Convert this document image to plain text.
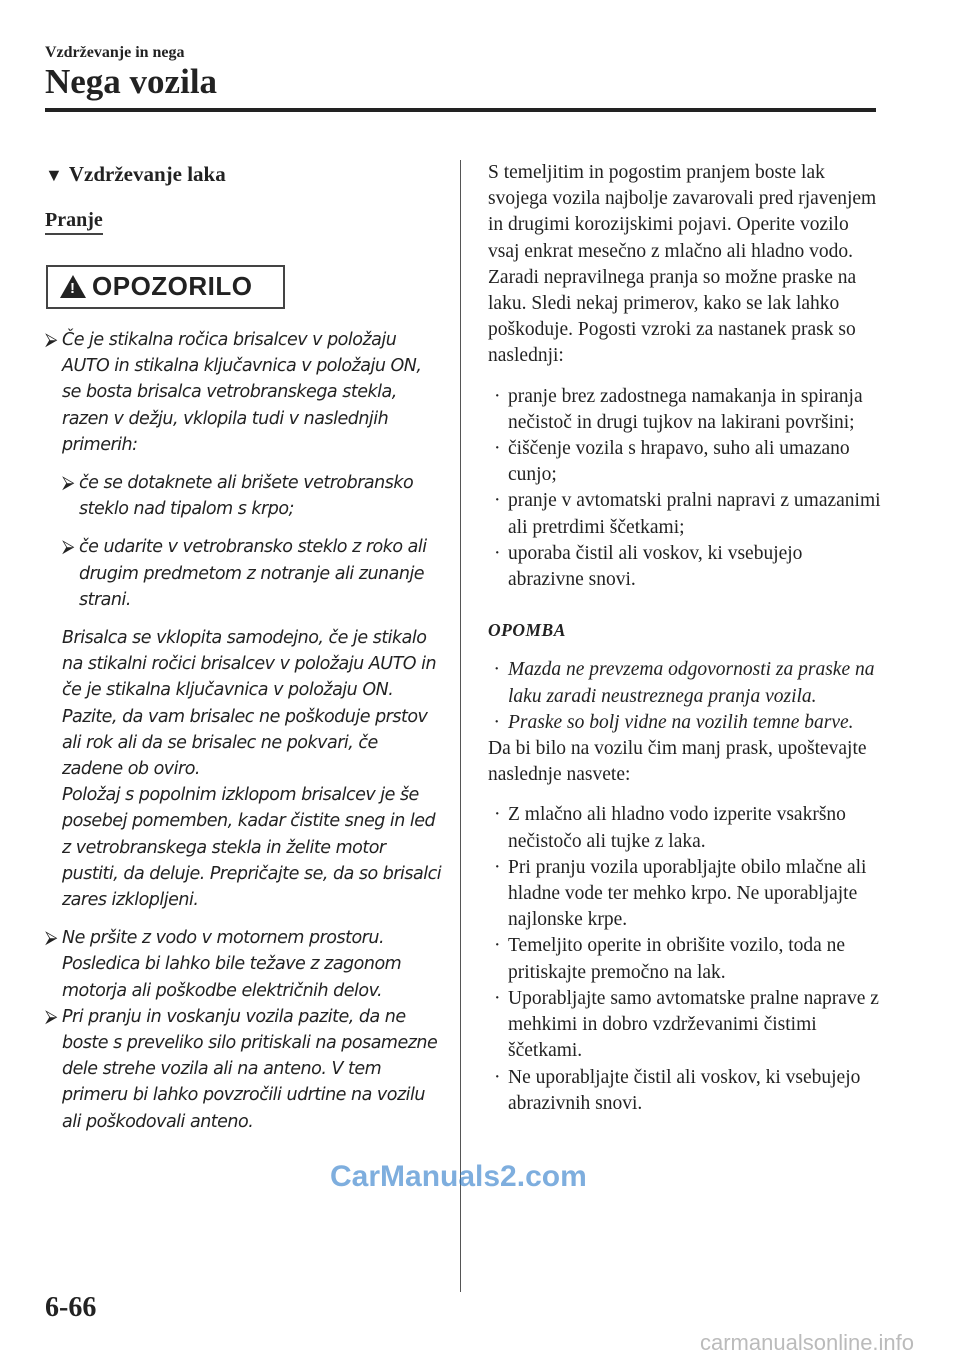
Vzdrževanje in nega
Nega vozila
▼ Vzdrževanje laka
Pranje
! OPOZORILO
⮚ Če je stikalna ročica brisalcev v položaju AUTO in stikalna ključavnica v položaju ON, se bosta brisalca vetrobranskega stekla, razen v dežju, vklopila tudi v naslednjih primerih:
⮚ če se dotaknete ali brišete vetrobransko steklo nad tipalom s krpo;
⮚ če udarite v vetrobransko steklo z roko ali drugim predmetom z notranje ali zunanje strani.
Brisalca se vklopita samodejno, če je stikalo na stikalni ročici brisalcev v položaju AUTO in če je stikalna ključavnica v položaju ON. Pazite, da vam brisalec ne poškoduje prstov ali rok ali da se brisalec ne pokvari, če zadene ob oviro.
Položaj s popolnim izklopom brisalcev je še posebej pomemben, kadar čistite sneg in led z vetrobranskega stekla in želite motor pustiti, da deluje. Prepričajte se, da so brisalci zares izklopljeni.
⮚ Ne pršite z vodo v motornem prostoru. Posledica bi lahko bile težave z zagonom motorja ali poškodbe električnih delov.
⮚ Pri pranju in voskanju vozila pazite, da ne boste s preveliko silo pritiskali na posamezne dele strehe vozila ali na anteno. V tem primeru bi lahko povzročili udrtine na vozilu ali poškodovali anteno.

S temeljitim in pogostim pranjem boste lak svojega vozila najbolje zavarovali pred rjavenjem in drugimi korozijskimi pojavi. Operite vozilo vsaj enkrat mesečno z mlačno ali hladno vodo. Zaradi nepravilnega pranja so možne praske na laku. Sledi nekaj primerov, kako se lak lahko poškoduje. Pogosti vzroki za nastanek prask so naslednji:

· pranje brez zadostnega namakanja in spiranja nečistoč in drugi tujkov na lakirani površini;
· čiščenje vozila s hrapavo, suho ali umazano cunjo;
· pranje v avtomatski pralni napravi z umazanimi ali pretrdimi ščetkami;
· uporaba čistil ali voskov, ki vsebujejo abrazivne snovi.
OPOMBA
· Mazda ne prevzema odgovornosti za praske na laku zaradi neustreznega pranja vozila.
· Praske so bolj vidne na vozilih temne barve.

Da bi bilo na vozilu čim manj prask, upoštevajte naslednje nasvete:

· Z mlačno ali hladno vodo izperite vsakršno nečistočo ali tujke z laka.
· Pri pranju vozila uporabljajte obilo mlačne ali hladne vode ter mehko krpo. Ne uporabljajte najlonske krpe.
· Temeljito operite in obrišite vozilo, toda ne pritiskajte premočno na lak.
· Uporabljajte samo avtomatske pralne naprave z mehkimi in dobro vzdrževanimi čistimi ščetkami.
· Ne uporabljajte čistil ali voskov, ki vsebujejo abrazivnih snovi.
6-66
CarManuals2.com
carmanualsonline.info
